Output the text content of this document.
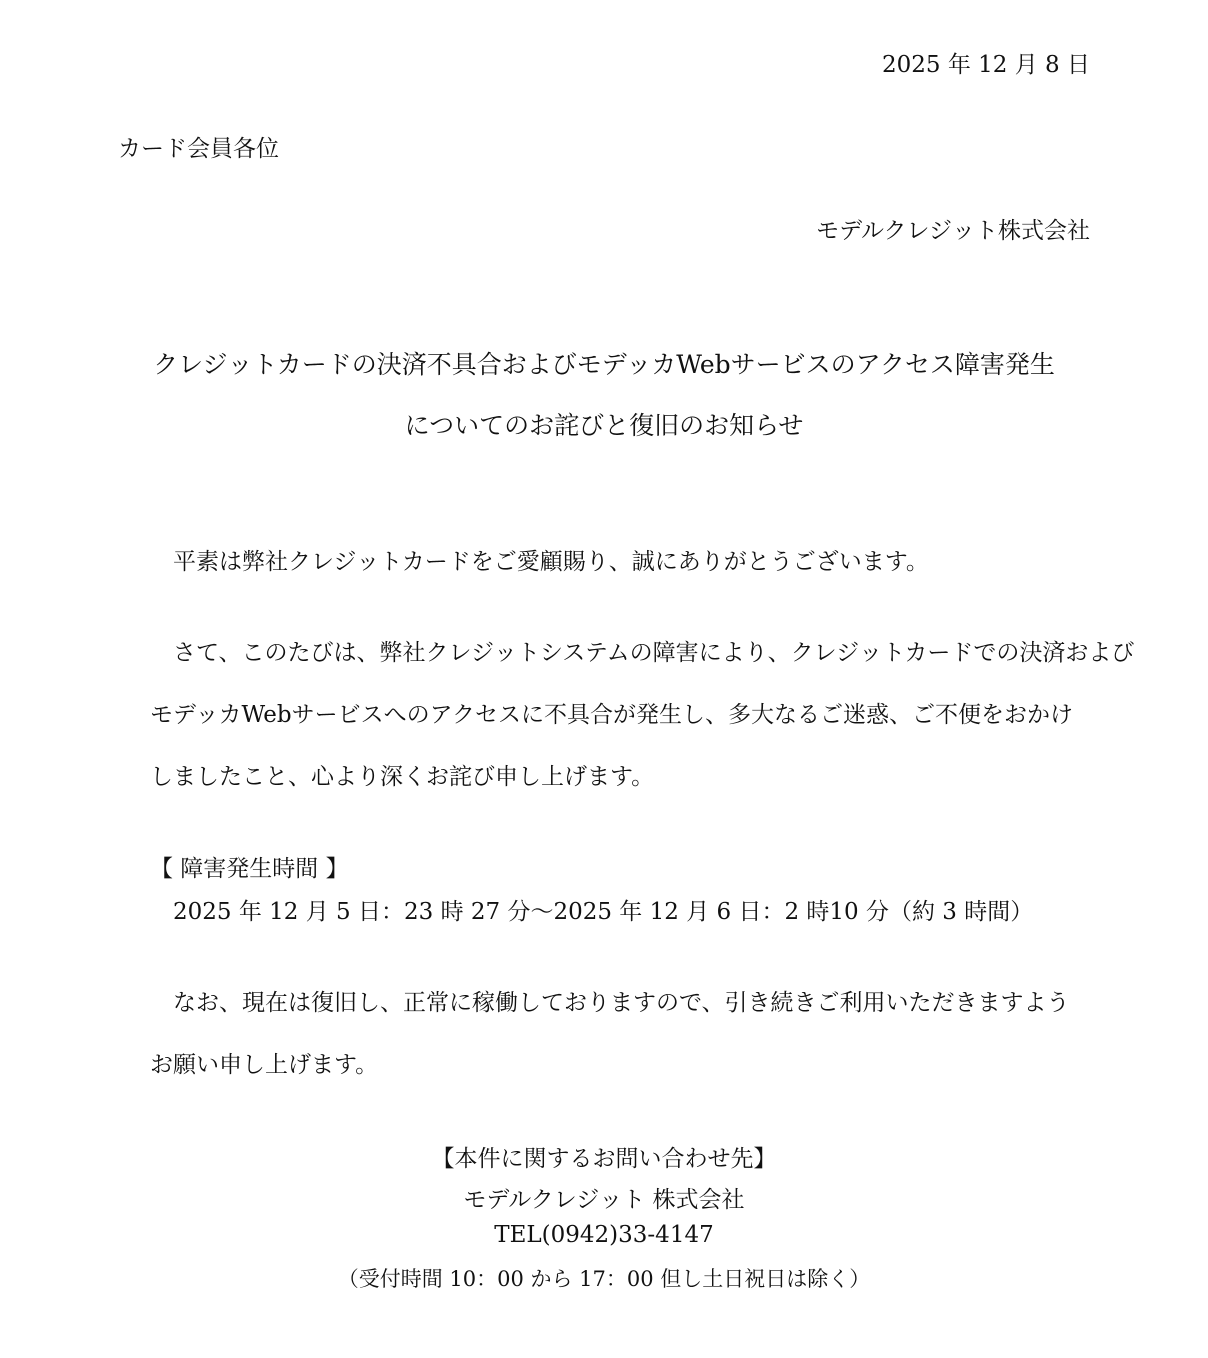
2025 年 12 月 8 日
カード会員各位
モデルクレジット株式会社
クレジットカードの決済不具合およびモデッカWebサービスのアクセス障害発生
についてのお詫びと復旧のお知らせ
　平素は弊社クレジットカードをご愛顧賜り、誠にありがとうございます。
　さて、このたびは、弊社クレジットシステムの障害により、クレジットカードでの決済および
モデッカWebサービスへのアクセスに不具合が発生し、多大なるご迷惑、ご不便をおかけ
しましたこと、心より深くお詫び申し上げます。
【 障害発生時間 】
　2025 年 12 月 5 日：23 時 27 分～2025 年 12 月 6 日：2 時10 分（約 3 時間）
　なお、現在は復旧し、正常に稼働しておりますので、引き続きご利用いただきますよう
お願い申し上げます。
【本件に関するお問い合わせ先】
モデルクレジット 株式会社
TEL(0942)33-4147
（受付時間 10：00 から 17：00 但し土日祝日は除く）
